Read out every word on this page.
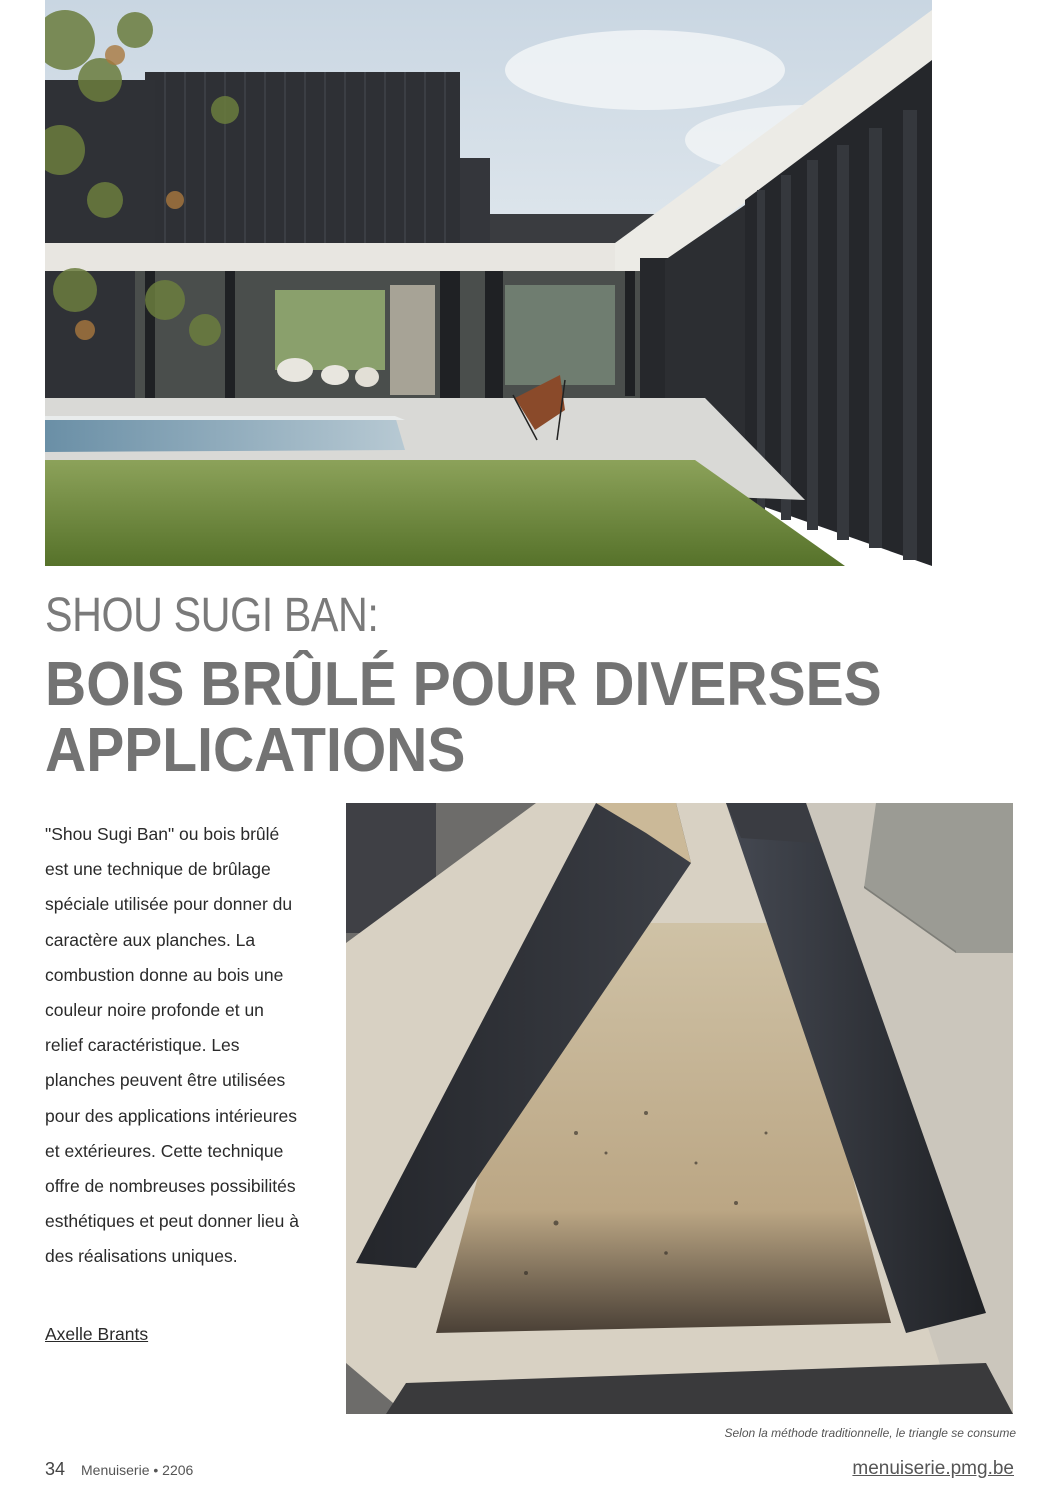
SHOU SUGI BAN:
BOIS BRÛLÉ POUR DIVERSES
APPLICATIONS

"Shou Sugi Ban" ou bois brûlé est une technique de brûlage spéciale utilisée pour donner du caractère aux planches. La combustion donne au bois une couleur noire profonde et un relief caractéristique. Les planches peuvent être utilisées pour des applications intérieures et extérieures. Cette technique offre de nombreuses possibilités esthétiques et peut donner lieu à des réalisations uniques.

Axelle Brants
Selon la méthode traditionnelle, le triangle se consume
34 Menuiserie • 2206	menuiserie.pmg.be
